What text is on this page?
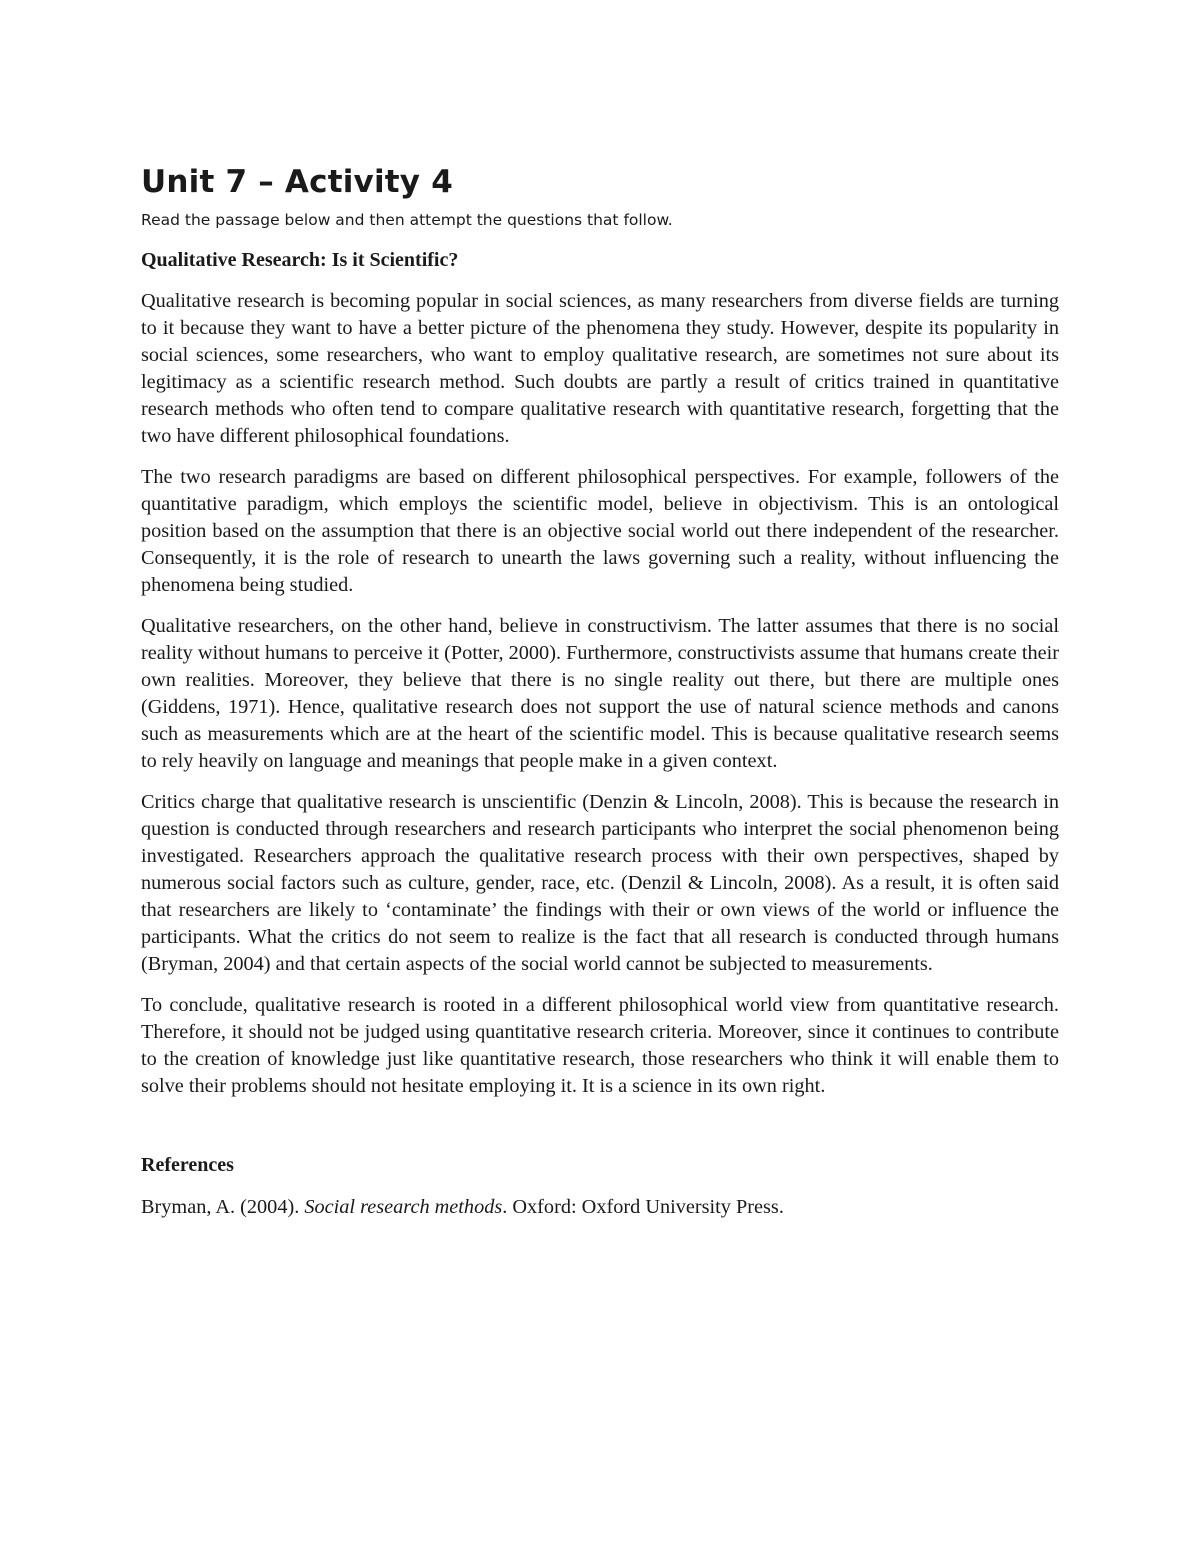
Unit 7 – Activity 4

Read the passage below and then attempt the questions that follow.

Qualitative Research: Is it Scientific?

Qualitative research is becoming popular in social sciences, as many researchers from diverse fields are turning to it because they want to have a better picture of the phenomena they study. However, despite its popularity in social sciences, some researchers, who want to employ qualitative research, are sometimes not sure about its legitimacy as a scientific research method. Such doubts are partly a result of critics trained in quantitative research methods who often tend to compare qualitative research with quantitative research, forgetting that the two have different philosophical foundations.

The two research paradigms are based on different philosophical perspectives. For example, followers of the quantitative paradigm, which employs the scientific model, believe in objectivism. This is an ontological position based on the assumption that there is an objective social world out there independent of the researcher. Consequently, it is the role of research to unearth the laws governing such a reality, without influencing the phenomena being studied.

Qualitative researchers, on the other hand, believe in constructivism. The latter assumes that there is no social reality without humans to perceive it (Potter, 2000). Furthermore, constructivists assume that humans create their own realities. Moreover, they believe that there is no single reality out there, but there are multiple ones (Giddens, 1971). Hence, qualitative research does not support the use of natural science methods and canons such as measurements which are at the heart of the scientific model. This is because qualitative research seems to rely heavily on language and meanings that people make in a given context.

Critics charge that qualitative research is unscientific (Denzin & Lincoln, 2008). This is because the research in question is conducted through researchers and research participants who interpret the social phenomenon being investigated. Researchers approach the qualitative research process with their own perspectives, shaped by numerous social factors such as culture, gender, race, etc. (Denzil & Lincoln, 2008). As a result, it is often said that researchers are likely to ‘contaminate’ the findings with their or own views of the world or influence the participants. What the critics do not seem to realize is the fact that all research is conducted through humans (Bryman, 2004) and that certain aspects of the social world cannot be subjected to measurements.

To conclude, qualitative research is rooted in a different philosophical world view from quantitative research. Therefore, it should not be judged using quantitative research criteria. Moreover, since it continues to contribute to the creation of knowledge just like quantitative research, those researchers who think it will enable them to solve their problems should not hesitate employing it. It is a science in its own right.

References

Bryman, A. (2004). Social research methods. Oxford: Oxford University Press.
